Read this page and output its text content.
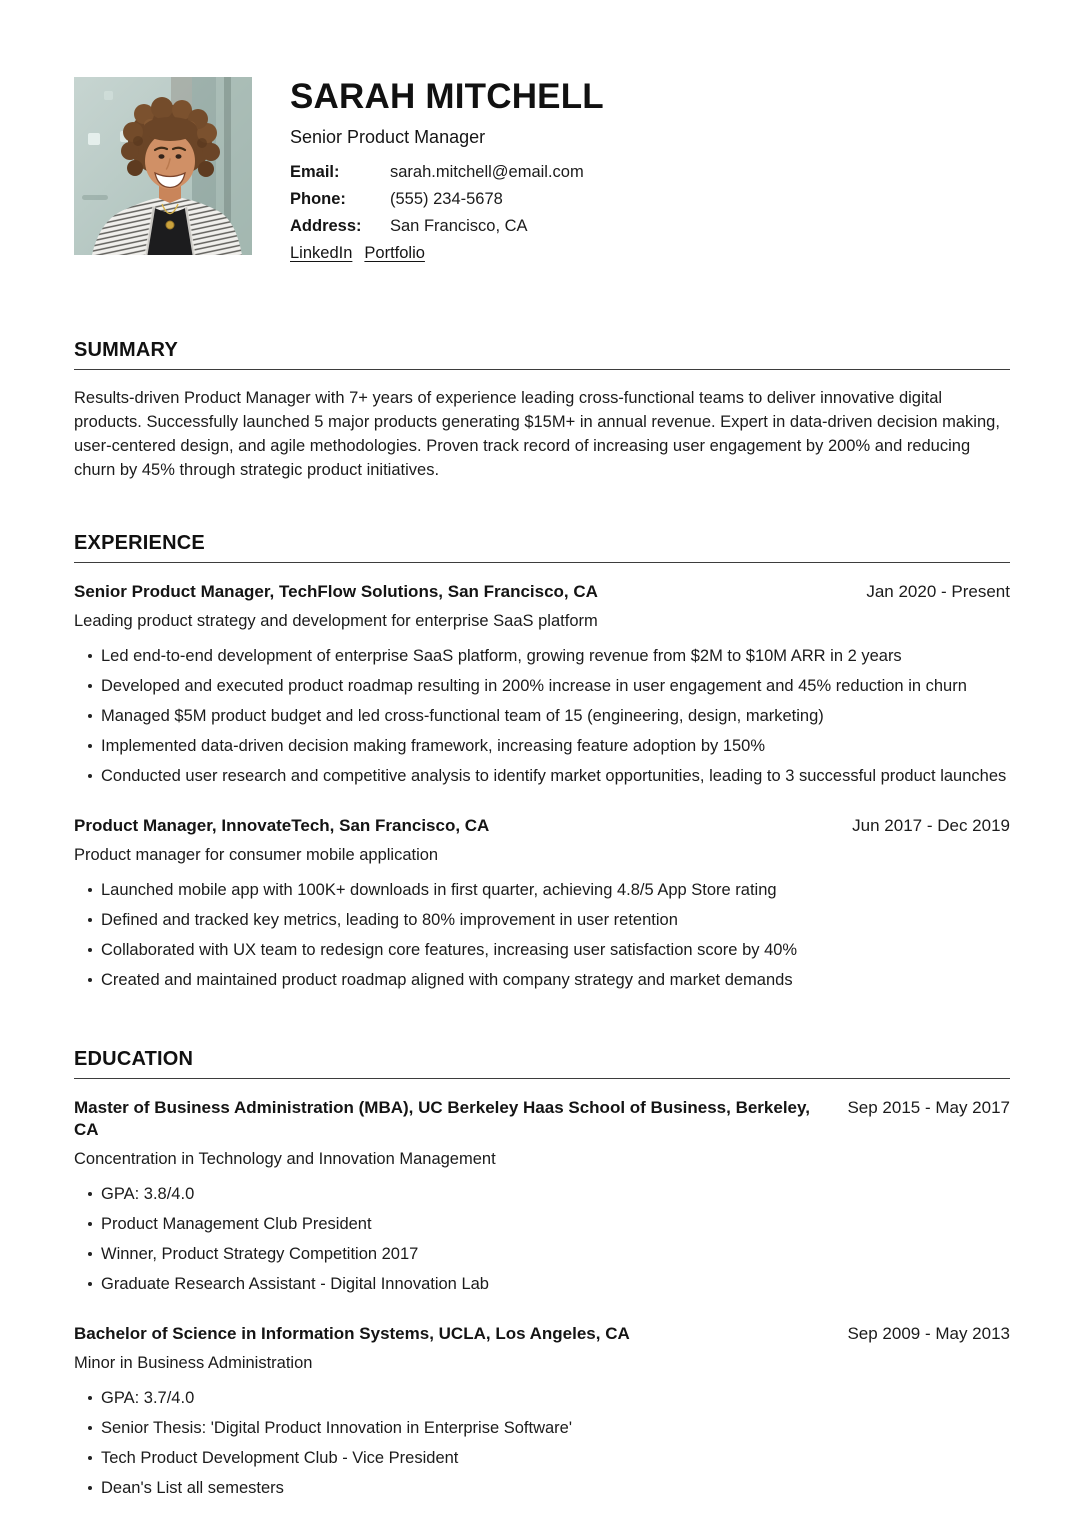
SARAH MITCHELL
Senior Product Manager
Email:	sarah.mitchell@email.com
Phone:	(555) 234-5678
Address:	San Francisco, CA
LinkedIn Portfolio
SUMMARY

Results-driven Product Manager with 7+ years of experience leading cross-functional teams to deliver innovative digital products. Successfully launched 5 major products generating $15M+ in annual revenue. Expert in data-driven decision making, user-centered design, and agile methodologies. Proven track record of increasing user engagement by 200% and reducing churn by 45% through strategic product initiatives.

EXPERIENCE
Senior Product Manager, TechFlow Solutions, San Francisco, CA	Jan 2020 - Present
Leading product strategy and development for enterprise SaaS platform
Led end-to-end development of enterprise SaaS platform, growing revenue from $2M to $10M ARR in 2 years
Developed and executed product roadmap resulting in 200% increase in user engagement and 45% reduction in churn
Managed $5M product budget and led cross-functional team of 15 (engineering, design, marketing)
Implemented data-driven decision making framework, increasing feature adoption by 150%
Conducted user research and competitive analysis to identify market opportunities, leading to 3 successful product launches
Product Manager, InnovateTech, San Francisco, CA	Jun 2017 - Dec 2019
Product manager for consumer mobile application
Launched mobile app with 100K+ downloads in first quarter, achieving 4.8/5 App Store rating
Defined and tracked key metrics, leading to 80% improvement in user retention
Collaborated with UX team to redesign core features, increasing user satisfaction score by 40%
Created and maintained product roadmap aligned with company strategy and market demands
EDUCATION
Master of Business Administration (MBA), UC Berkeley Haas School of Business, Berkeley, CA
Sep 2015 - May 2017
Concentration in Technology and Innovation Management
GPA: 3.8/4.0
Product Management Club President
Winner, Product Strategy Competition 2017
Graduate Research Assistant - Digital Innovation Lab
Bachelor of Science in Information Systems, UCLA, Los Angeles, CA	Sep 2009 - May 2013
Minor in Business Administration
GPA: 3.7/4.0
Senior Thesis: 'Digital Product Innovation in Enterprise Software'
Tech Product Development Club - Vice President
Dean's List all semesters
